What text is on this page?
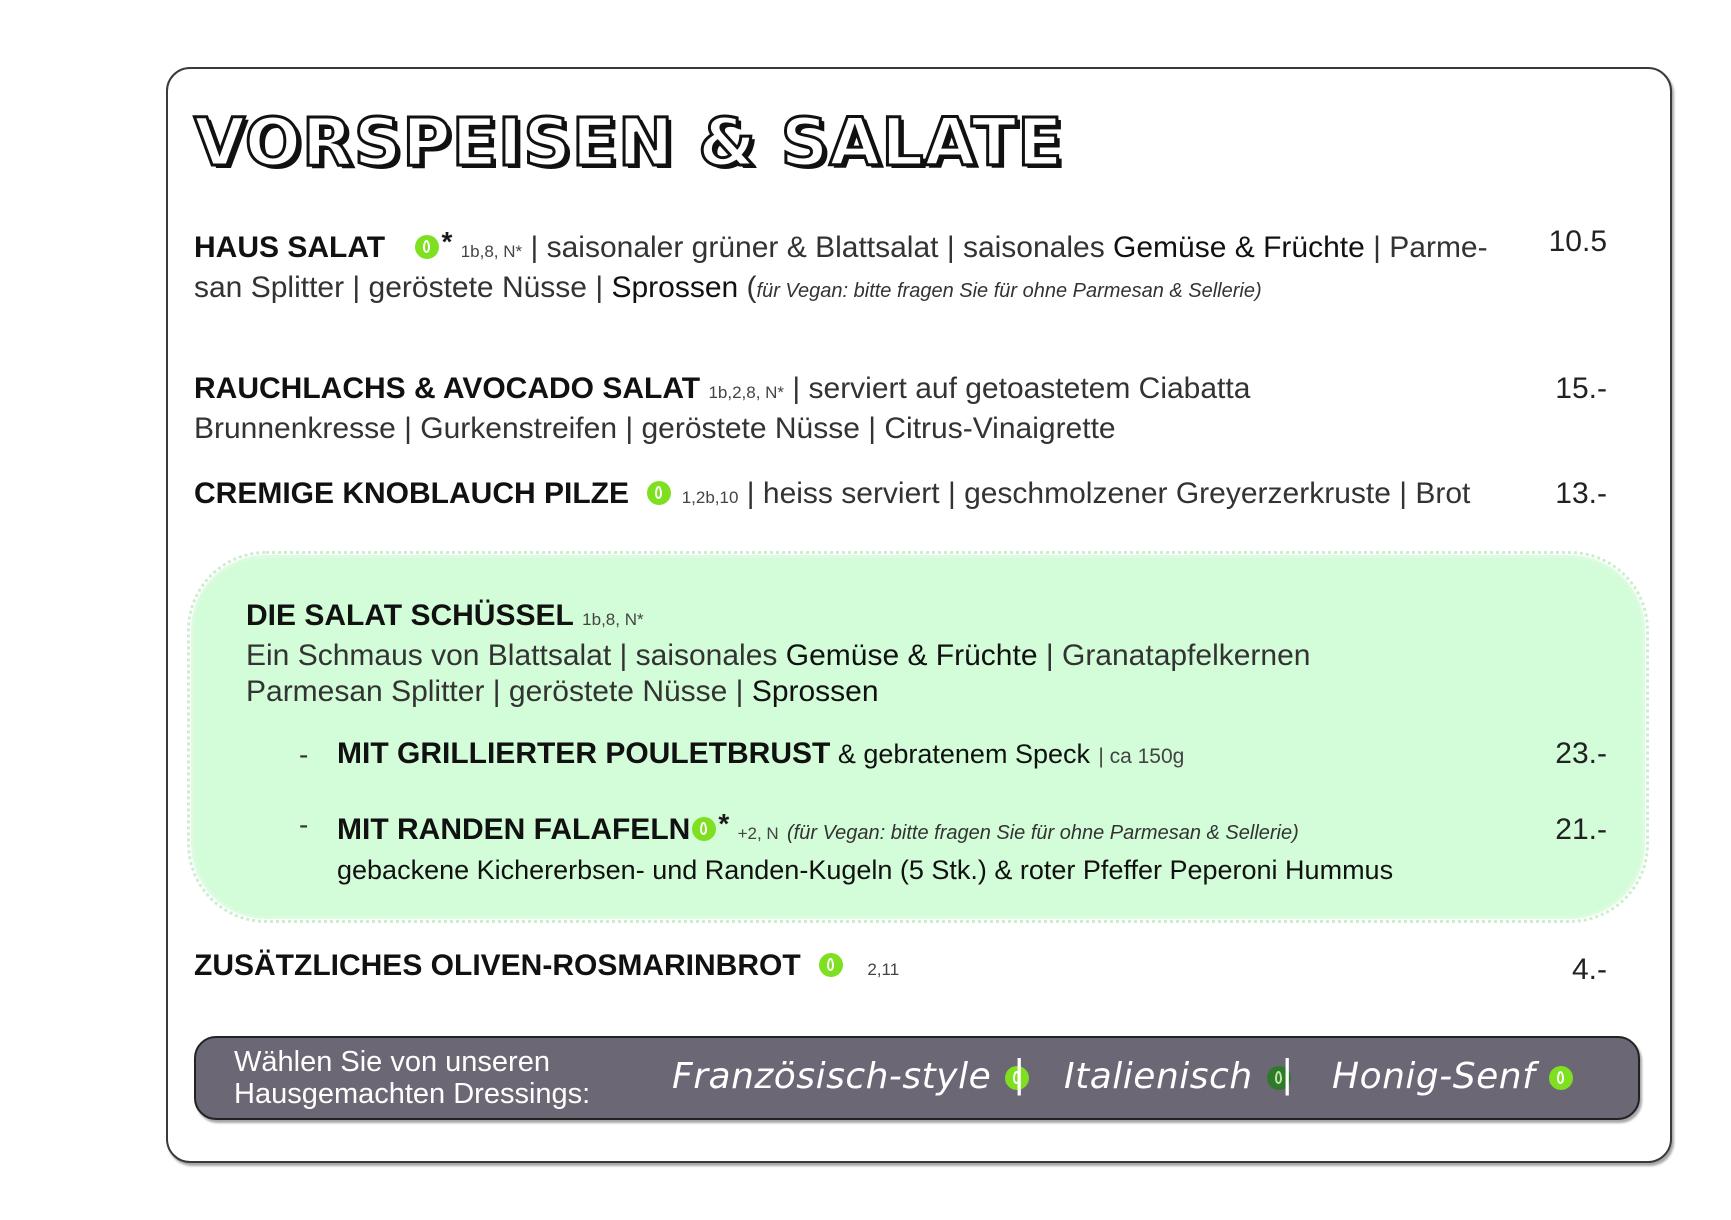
VORSPEISEN & SALATE
HAUS SALAT * 1b,8, N* | saisonaler grüner & Blattsalat | saisonales Gemüse & Früchte | Parme-
san Splitter | geröstete Nüsse | Sprossen (für Vegan: bitte fragen Sie für ohne Parmesan & Sellerie)
10.5
RAUCHLACHS & AVOCADO SALAT 1b,2,8, N* | serviert auf getoastetem Ciabatta
Brunnenkresse | Gurkenstreifen | geröstete Nüsse | Citrus-Vinaigrette
15.-
CREMIGE KNOBLAUCH PILZE	1,2b,10 | heiss serviert | geschmolzener Greyerzerkruste | Brot	13.-
DIE SALAT SCHÜSSEL 1b,8, N*
Ein Schmaus von Blattsalat | saisonales Gemüse & Früchte | Granatapfelkernen
Parmesan Splitter | geröstete Nüsse | Sprossen
- MIT GRILLIERTER POULETBRUST & gebratenem Speck | ca 150g	23.-
- MIT RANDEN FALAFELN * +2, N (für Vegan: bitte fragen Sie für ohne Parmesan & Sellerie)
gebackene Kichererbsen- und Randen-Kugeln (5 Stk.) & roter Pfeffer Peperoni Hummus
21.-
ZUSÄTZLICHES OLIVEN-ROSMARINBROT	2,11	4.-
Wählen Sie von unseren
Hausgemachten Dressings:	Französisch-style | Italienisch | Honig-Senf
